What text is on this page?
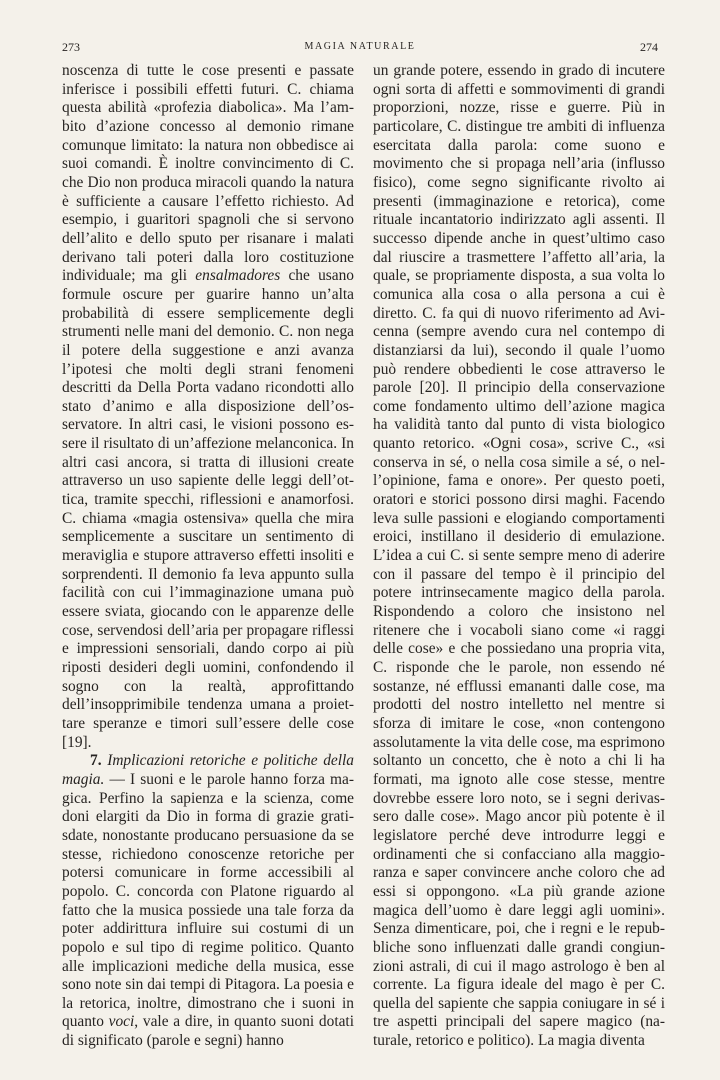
273	MAGIA NATURALE	274

noscenza di tutte le cose presenti e passate inferisce i possibili effetti futuri. C. chiama questa abilità «profezia diabolica». Ma l’ambito d’azione concesso al demonio rimane comunque limitato: la natura non obbedisce ai suoi comandi. È inoltre convincimento di C. che Dio non produca miracoli quando la natura è sufficiente a causare l’effetto richiesto. Ad esempio, i guaritori spagnoli che si servono dell’alito e dello sputo per risanare i malati derivano tali poteri dalla loro costituzione individuale; ma gli ensalmadores che usano formule oscure per guarire hanno un’alta probabilità di essere semplicemente degli strumenti nelle mani del demonio. C. non nega il potere della suggestione e anzi avanza l’ipotesi che molti degli strani fenomeni descritti da Della Porta vadano ricondotti allo stato d’animo e alla disposizione dell’osservatore. In altri casi, le visioni possono essere il risultato di un’affezione melanconica. In altri casi ancora, si tratta di illusioni create attraverso un uso sapiente delle leggi dell’ottica, tramite specchi, riflessioni e anamorfosi. C. chiama «magia ostensiva» quella che mira semplicemente a suscitare un sentimento di meraviglia e stupore attraverso effetti insoliti e sorprendenti. Il demonio fa leva appunto sulla facilità con cui l’immaginazione umana può essere sviata, giocando con le apparenze delle cose, servendosi dell’aria per propagare riflessi e impressioni sensoriali, dando corpo ai più riposti desideri degli uomini, confondendo il sogno con la realtà, approfittando dell’insopprimibile tendenza umana a proiettare speranze e timori sull’essere delle cose [19].

7. Implicazioni retoriche e politiche della magia. — I suoni e le parole hanno forza magica. Perfino la sapienza e la scienza, come doni elargiti da Dio in forma di grazie gratisdate, nonostante producano persuasione da se stesse, richiedono conoscenze retoriche per potersi comunicare in forme accessibili al popolo. C. concorda con Platone riguardo al fatto che la musica possiede una tale forza da poter addirittura influire sui costumi di un popolo e sul tipo di regime politico. Quanto alle implicazioni mediche della musica, esse sono note sin dai tempi di Pitagora. La poesia e la retorica, inoltre, dimostrano che i suoni in quanto voci, vale a dire, in quanto suoni dotati di significato (parole e segni) hanno

un grande potere, essendo in grado di incutere ogni sorta di affetti e sommovimenti di grandi proporzioni, nozze, risse e guerre. Più in particolare, C. distingue tre ambiti di influenza esercitata dalla parola: come suono e movimento che si propaga nell’aria (influsso fisico), come segno significante rivolto ai presenti (immaginazione e retorica), come rituale incantatorio indirizzato agli assenti. Il successo dipende anche in quest’ultimo caso dal riuscire a trasmettere l’affetto all’aria, la quale, se propriamente disposta, a sua volta lo comunica alla cosa o alla persona a cui è diretto. C. fa qui di nuovo riferimento ad Avicenna (sempre avendo cura nel contempo di distanziarsi da lui), secondo il quale l’uomo può rendere obbedienti le cose attraverso le parole [20]. Il principio della conservazione come fondamento ultimo dell’azione magica ha validità tanto dal punto di vista biologico quanto retorico. «Ogni cosa», scrive C., «si conserva in sé, o nella cosa simile a sé, o nell’opinione, fama e onore». Per questo poeti, oratori e storici possono dirsi maghi. Facendo leva sulle passioni e elogiando comportamenti eroici, instillano il desiderio di emulazione. L’idea a cui C. si sente sempre meno di aderire con il passare del tempo è il principio del potere intrinsecamente magico della parola. Rispondendo a coloro che insistono nel ritenere che i vocaboli siano come «i raggi delle cose» e che possiedano una propria vita, C. risponde che le parole, non essendo né sostanze, né efflussi emananti dalle cose, ma prodotti del nostro intelletto nel mentre si sforza di imitare le cose, «non contengono assolutamente la vita delle cose, ma esprimono soltanto un concetto, che è noto a chi li ha formati, ma ignoto alle cose stesse, mentre dovrebbe essere loro noto, se i segni derivassero dalle cose». Mago ancor più potente è il legislatore perché deve introdurre leggi e ordinamenti che si confacciano alla maggioranza e saper convincere anche coloro che ad essi si oppongono. «La più grande azione magica dell’uomo è dare leggi agli uomini». Senza dimenticare, poi, che i regni e le repubbliche sono influenzati dalle grandi congiunzioni astrali, di cui il mago astrologo è ben al corrente. La figura ideale del mago è per C. quella del sapiente che sappia coniugare in sé i tre aspetti principali del sapere magico (naturale, retorico e politico). La magia diventa
